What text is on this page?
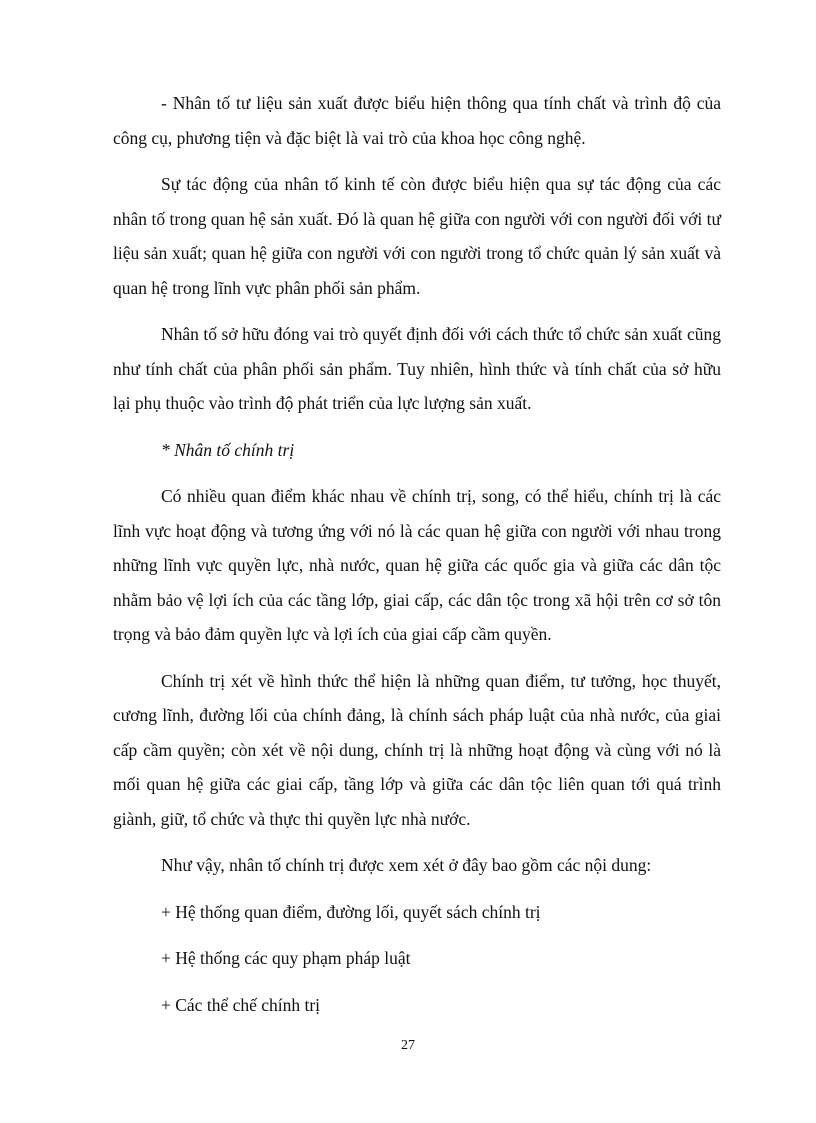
- Nhân tố tư liệu sản xuất được biểu hiện thông qua tính chất và trình độ của công cụ, phương tiện và đặc biệt là vai trò của khoa học công nghệ.

Sự tác động của nhân tố kinh tế còn được biểu hiện qua sự tác động của các nhân tố trong quan hệ sản xuất. Đó là quan hệ giữa con người với con người đối với tư liệu sản xuất; quan hệ giữa con người với con người trong tổ chức quản lý sản xuất và quan hệ trong lĩnh vực phân phối sản phẩm.

Nhân tố sở hữu đóng vai trò quyết định đối với cách thức tổ chức sản xuất cũng như tính chất của phân phối sản phẩm. Tuy nhiên, hình thức và tính chất của sở hữu lại phụ thuộc vào trình độ phát triển của lực lượng sản xuất.

* Nhân tố chính trị

Có nhiều quan điểm khác nhau về chính trị, song, có thể hiểu, chính trị là các lĩnh vực hoạt động và tương ứng với nó là các quan hệ giữa con người với nhau trong những lĩnh vực quyền lực, nhà nước, quan hệ giữa các quốc gia và giữa các dân tộc nhằm bảo vệ lợi ích của các tầng lớp, giai cấp, các dân tộc trong xã hội trên cơ sở tôn trọng và bảo đảm quyền lực và lợi ích của giai cấp cầm quyền.

Chính trị xét về hình thức thể hiện là những quan điểm, tư tưởng, học thuyết, cương lĩnh, đường lối của chính đảng, là chính sách pháp luật của nhà nước, của giai cấp cầm quyền; còn xét về nội dung, chính trị là những hoạt động và cùng với nó là mối quan hệ giữa các giai cấp, tầng lớp và giữa các dân tộc liên quan tới quá trình giành, giữ, tổ chức và thực thi quyền lực nhà nước.

Như vậy, nhân tố chính trị được xem xét ở đây bao gồm các nội dung:

+ Hệ thống quan điểm, đường lối, quyết sách chính trị

+ Hệ thống các quy phạm pháp luật

+ Các thể chế chính trị

27
